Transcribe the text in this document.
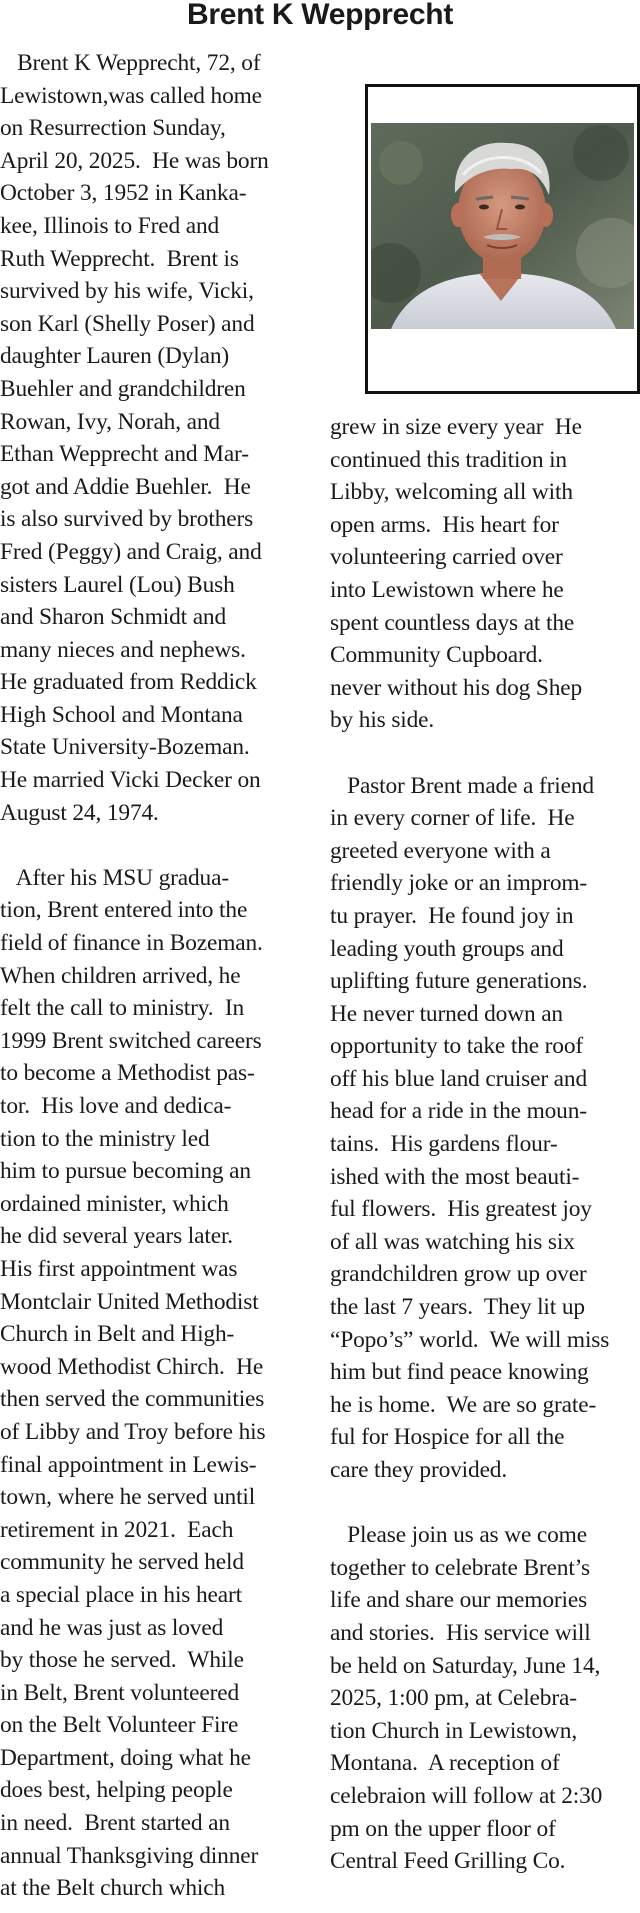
Brent K Wepprecht

Brent K Wepprecht, 72, of

Lewistown,was called home

on Resurrection Sunday,

April 20, 2025.  He was born

October 3, 1952 in Kanka-

kee, Illinois to Fred and

Ruth Wepprecht.  Brent is

survived by his wife, Vicki,

son Karl (Shelly Poser) and

daughter Lauren (Dylan)

Buehler and grandchildren

Rowan, Ivy, Norah, and

Ethan Wepprecht and Mar-

got and Addie Buehler.  He

is also survived by brothers

Fred (Peggy) and Craig, and

sisters Laurel (Lou) Bush

and Sharon Schmidt and

many nieces and nephews.

He graduated from Reddick

High School and Montana

State University-Bozeman.

He married Vicki Decker on

August 24, 1974.

After his MSU gradua-

tion, Brent entered into the

field of finance in Bozeman.

When children arrived, he

felt the call to ministry.  In

1999 Brent switched careers

to become a Methodist pas-

tor.  His love and dedica-

tion to the ministry led

him to pursue becoming an

ordained minister, which

he did several years later.

His first appointment was

Montclair United Methodist

Church in Belt and High-

wood Methodist Chirch.  He

then served the communities

of Libby and Troy before his

final appointment in Lewis-

town, where he served until

retirement in 2021.  Each

community he served held

a special place in his heart

and he was just as loved

by those he served.  While

in Belt, Brent volunteered

on the Belt Volunteer Fire

Department, doing what he

does best, helping people

in need.  Brent started an

annual Thanksgiving dinner

at the Belt church which

grew in size every year  He

continued this tradition in

Libby, welcoming all with

open arms.  His heart for

volunteering carried over

into Lewistown where he

spent countless days at the

Community Cupboard.

never without his dog Shep

by his side.

Pastor Brent made a friend

in every corner of life.  He

greeted everyone with a

friendly joke or an improm-

tu prayer.  He found joy in

leading youth groups and

uplifting future generations.

He never turned down an

opportunity to take the roof

off his blue land cruiser and

head for a ride in the moun-

tains.  His gardens flour-

ished with the most beauti-

ful flowers.  His greatest joy

of all was watching his six

grandchildren grow up over

the last 7 years.  They lit up

“Popo’s” world.  We will miss

him but find peace knowing

he is home.  We are so grate-

ful for Hospice for all the

care they provided.

Please join us as we come

together to celebrate Brent’s

life and share our memories

and stories.  His service will

be held on Saturday, June 14,

2025, 1:00 pm, at Celebra-

tion Church in Lewistown,

Montana.  A reception of

celebraion will follow at 2:30

pm on the upper floor of

Central Feed Grilling Co.
